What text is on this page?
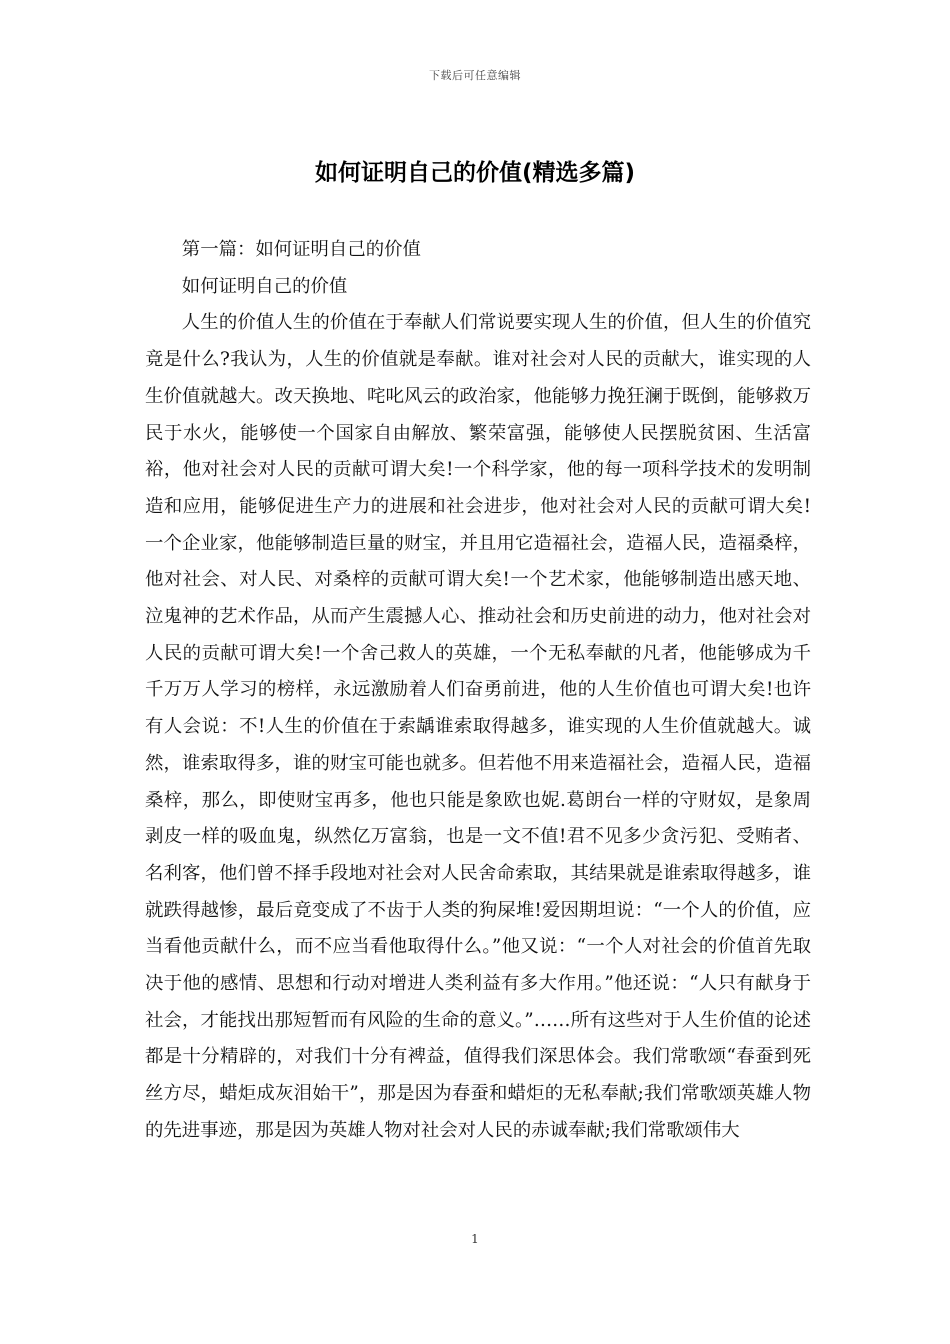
下载后可任意编辑
如何证明自己的价值(精选多篇)

第一篇：如何证明自己的价值

如何证明自己的价值

人生的价值人生的价值在于奉献人们常说要实现人生的价值，但人生的价值究竟是什么?我认为，人生的价值就是奉献。谁对社会对人民的贡献大，谁实现的人生价值就越大。改天换地、咤叱风云的政治家，他能够力挽狂澜于既倒，能够救万民于水火，能够使一个国家自由解放、繁荣富强，能够使人民摆脱贫困、生活富裕，他对社会对人民的贡献可谓大矣!一个科学家，他的每一项科学技术的发明制造和应用，能够促进生产力的进展和社会进步，他对社会对人民的贡献可谓大矣!一个企业家，他能够制造巨量的财宝，并且用它造福社会，造福人民，造福桑梓，他对社会、对人民、对桑梓的贡献可谓大矣!一个艺术家，他能够制造出感天地、泣鬼神的艺术作品，从而产生震撼人心、推动社会和历史前进的动力，他对社会对人民的贡献可谓大矣!一个舍己救人的英雄，一个无私奉献的凡者，他能够成为千千万万人学习的榜样，永远激励着人们奋勇前进，他的人生价值也可谓大矣!也许有人会说：不!人生的价值在于索龋谁索取得越多，谁实现的人生价值就越大。诚然，谁索取得多，谁的财宝可能也就多。但若他不用来造福社会，造福人民，造福桑梓，那么，即使财宝再多，他也只能是象欧也妮.葛朗台一样的守财奴，是象周剥皮一样的吸血鬼，纵然亿万富翁，也是一文不值!君不见多少贪污犯、受贿者、名利客，他们曾不择手段地对社会对人民舍命索取，其结果就是谁索取得越多，谁就跌得越惨，最后竟变成了不齿于人类的狗屎堆!爱因期坦说：“一个人的价值，应当看他贡献什么，而不应当看他取得什么。”他又说：“一个人对社会的价值首先取决于他的感情、思想和行动对增进人类利益有多大作用。”他还说：“人只有献身于社会，才能找出那短暂而有风险的生命的意义。”……所有这些对于人生价值的论述都是十分精辟的，对我们十分有裨益，值得我们深思体会。我们常歌颂“春蚕到死丝方尽，蜡炬成灰泪始干”，那是因为春蚕和蜡炬的无私奉献;我们常歌颂英雄人物的先进事迹，那是因为英雄人物对社会对人民的赤诚奉献;我们常歌颂伟大

1
